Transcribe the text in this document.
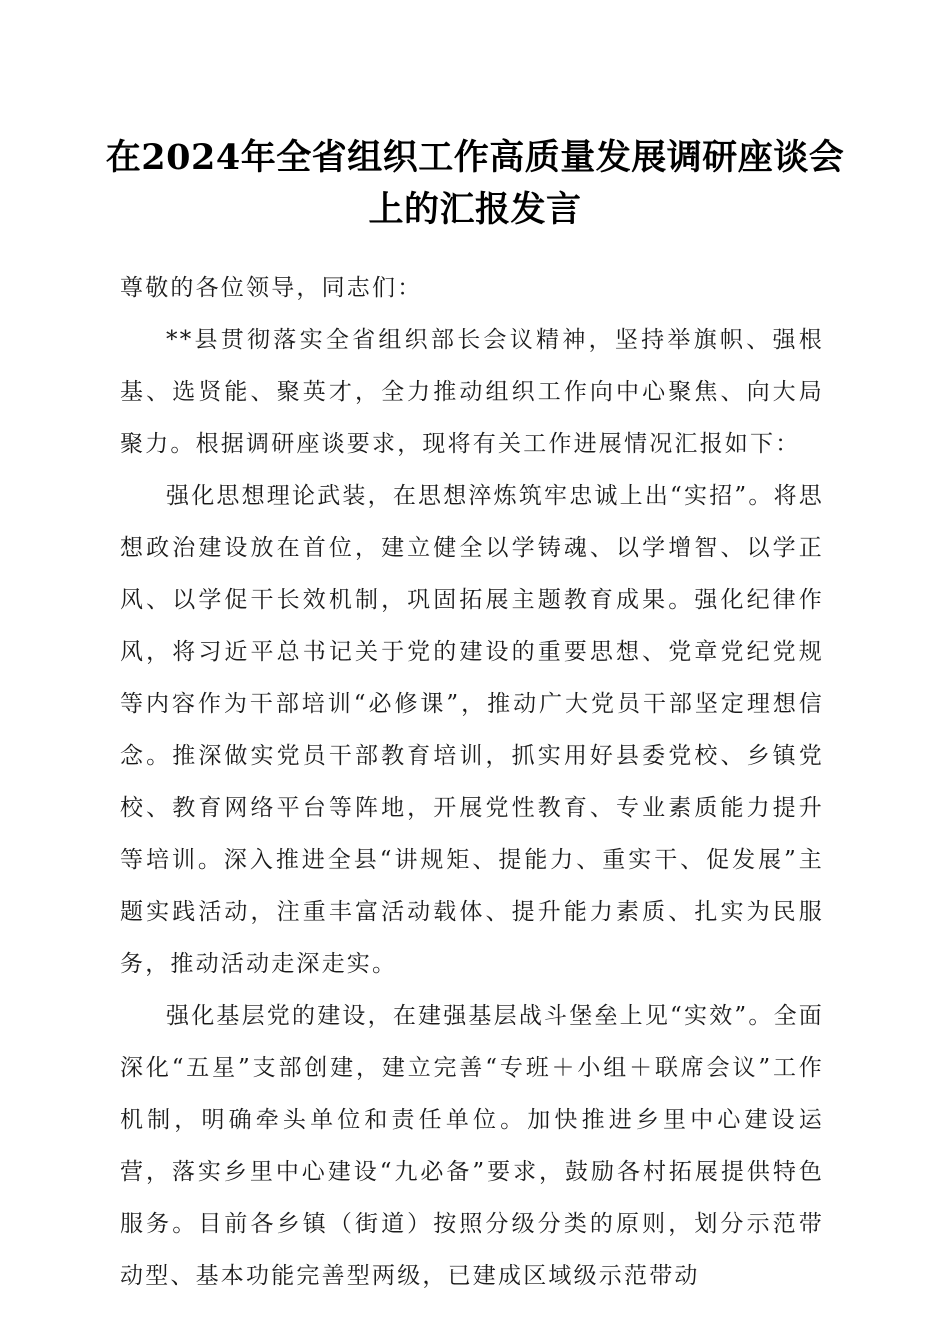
在2024年全省组织工作高质量发展调研座谈会上的汇报发言

尊敬的各位领导，同志们：

**县贯彻落实全省组织部长会议精神，坚持举旗帜、强根基、选贤能、聚英才，全力推动组织工作向中心聚焦、向大局聚力。根据调研座谈要求，现将有关工作进展情况汇报如下：

强化思想理论武装，在思想淬炼筑牢忠诚上出“实招”。将思想政治建设放在首位，建立健全以学铸魂、以学增智、以学正风、以学促干长效机制，巩固拓展主题教育成果。强化纪律作风，将习近平总书记关于党的建设的重要思想、党章党纪党规等内容作为干部培训“必修课”，推动广大党员干部坚定理想信念。推深做实党员干部教育培训，抓实用好县委党校、乡镇党校、教育网络平台等阵地，开展党性教育、专业素质能力提升等培训。深入推进全县“讲规矩、提能力、重实干、促发展”主题实践活动，注重丰富活动载体、提升能力素质、扎实为民服务，推动活动走深走实。

强化基层党的建设，在建强基层战斗堡垒上见“实效”。全面深化“五星”支部创建，建立完善“专班＋小组＋联席会议”工作机制，明确牵头单位和责任单位。加快推进乡里中心建设运营，落实乡里中心建设“九必备”要求，鼓励各村拓展提供特色服务。目前各乡镇（街道）按照分级分类的原则，划分示范带动型、基本功能完善型两级，已建成区域级示范带动
